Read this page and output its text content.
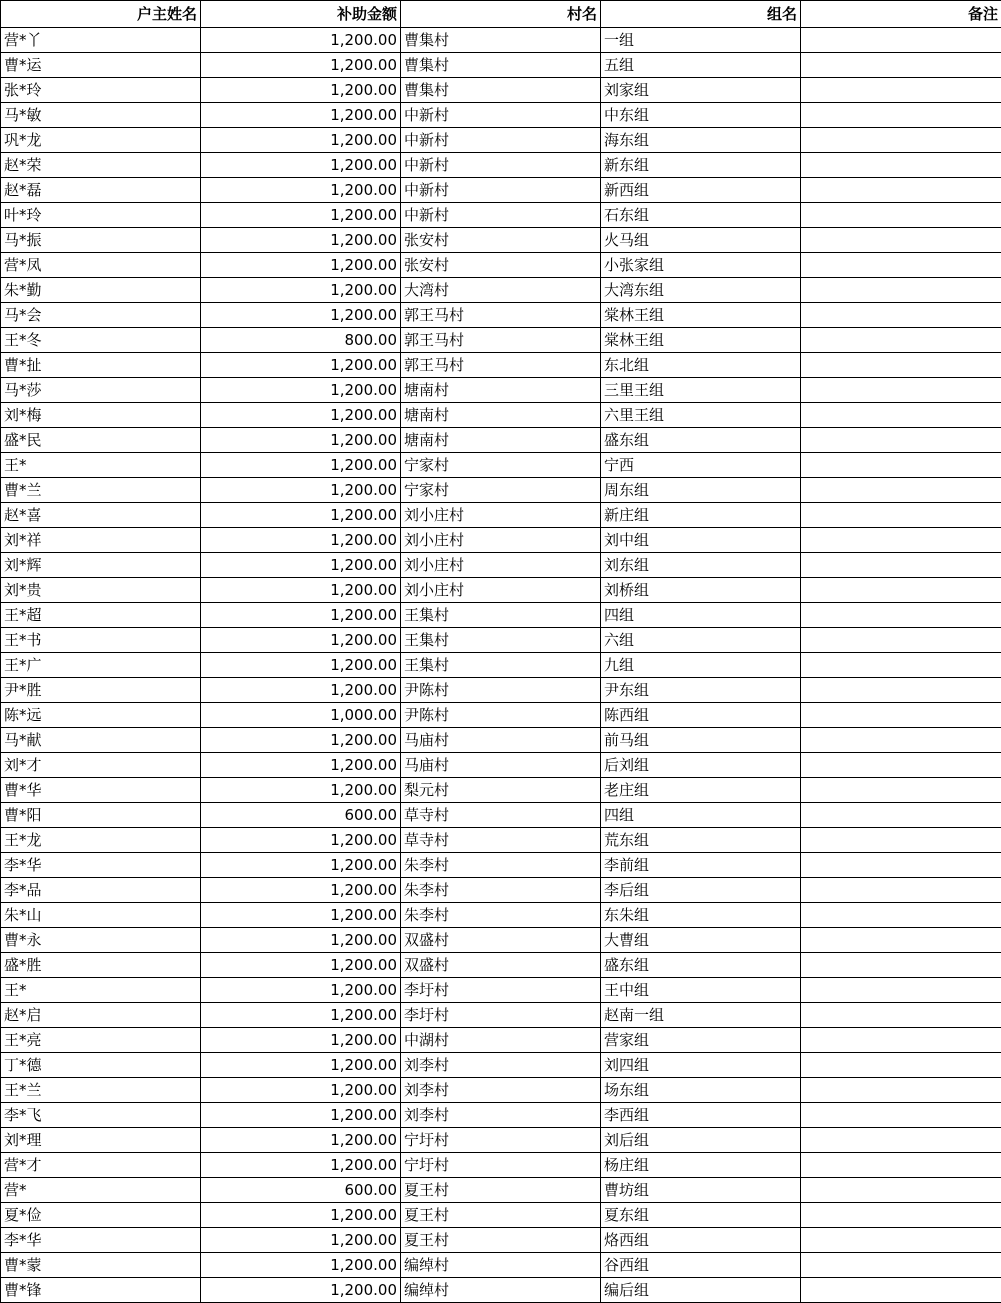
户主姓名	补助金额	村名	组名	备注
营*丫	1,200.00	曹集村	一组	
曹*运	1,200.00	曹集村	五组	
张*玲	1,200.00	曹集村	刘家组	
马*敏	1,200.00	中新村	中东组	
巩*龙	1,200.00	中新村	海东组	
赵*荣	1,200.00	中新村	新东组	
赵*磊	1,200.00	中新村	新西组	
叶*玲	1,200.00	中新村	石东组	
马*振	1,200.00	张安村	火马组	
营*凤	1,200.00	张安村	小张家组	
朱*勤	1,200.00	大湾村	大湾东组	
马*会	1,200.00	郭王马村	棠林王组	
王*冬	800.00	郭王马村	棠林王组	
曹*扯	1,200.00	郭王马村	东北组	
马*莎	1,200.00	塘南村	三里王组	
刘*梅	1,200.00	塘南村	六里王组	
盛*民	1,200.00	塘南村	盛东组	
王*	1,200.00	宁家村	宁西	
曹*兰	1,200.00	宁家村	周东组	
赵*喜	1,200.00	刘小庄村	新庄组	
刘*祥	1,200.00	刘小庄村	刘中组	
刘*辉	1,200.00	刘小庄村	刘东组	
刘*贵	1,200.00	刘小庄村	刘桥组	
王*超	1,200.00	王集村	四组	
王*书	1,200.00	王集村	六组	
王*广	1,200.00	王集村	九组	
尹*胜	1,200.00	尹陈村	尹东组	
陈*远	1,000.00	尹陈村	陈西组	
马*献	1,200.00	马庙村	前马组	
刘*才	1,200.00	马庙村	后刘组	
曹*华	1,200.00	梨元村	老庄组	
曹*阳	600.00	草寺村	四组	
王*龙	1,200.00	草寺村	荒东组	
李*华	1,200.00	朱李村	李前组	
李*品	1,200.00	朱李村	李后组	
朱*山	1,200.00	朱李村	东朱组	
曹*永	1,200.00	双盛村	大曹组	
盛*胜	1,200.00	双盛村	盛东组	
王*	1,200.00	李圩村	王中组	
赵*启	1,200.00	李圩村	赵南一组	
王*亮	1,200.00	中湖村	营家组	
丁*德	1,200.00	刘李村	刘四组	
王*兰	1,200.00	刘李村	场东组	
李*飞	1,200.00	刘李村	李西组	
刘*理	1,200.00	宁圩村	刘后组	
营*才	1,200.00	宁圩村	杨庄组	
营*	600.00	夏王村	曹坊组	
夏*俭	1,200.00	夏王村	夏东组	
李*华	1,200.00	夏王村	烙西组	
曹*蒙	1,200.00	编绰村	谷西组	
曹*锋	1,200.00	编绰村	编后组	
